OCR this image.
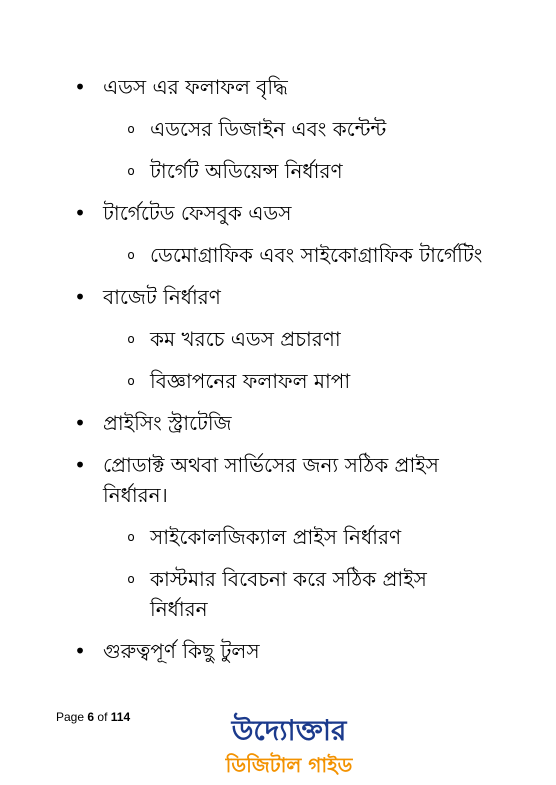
• এডস এর ফলাফল বৃদ্ধি
o এডসের ডিজাইন এবং কন্টেন্ট
o টার্গেট অডিয়েন্স নির্ধারণ
• টার্গেটেড ফেসবুক এডস
o ডেমোগ্রাফিক এবং সাইকোগ্রাফিক টার্গেটিং
• বাজেট নির্ধারণ
o কম খরচে এডস প্রচারণা
o বিজ্ঞাপনের ফলাফল মাপা
• প্রাইসিং স্ট্রাটেজি
• প্রোডাক্ট অথবা সার্ভিসের জন্য সঠিক প্রাইস নির্ধারন।
o সাইকোলজিক্যাল প্রাইস নির্ধারণ
o কাস্টমার বিবেচনা করে সঠিক প্রাইস নির্ধারন
• গুরুত্বপূর্ণ কিছু টুলস
Page 6 of 114	উদ্যোক্তার
ডিজিটাল গাইড
